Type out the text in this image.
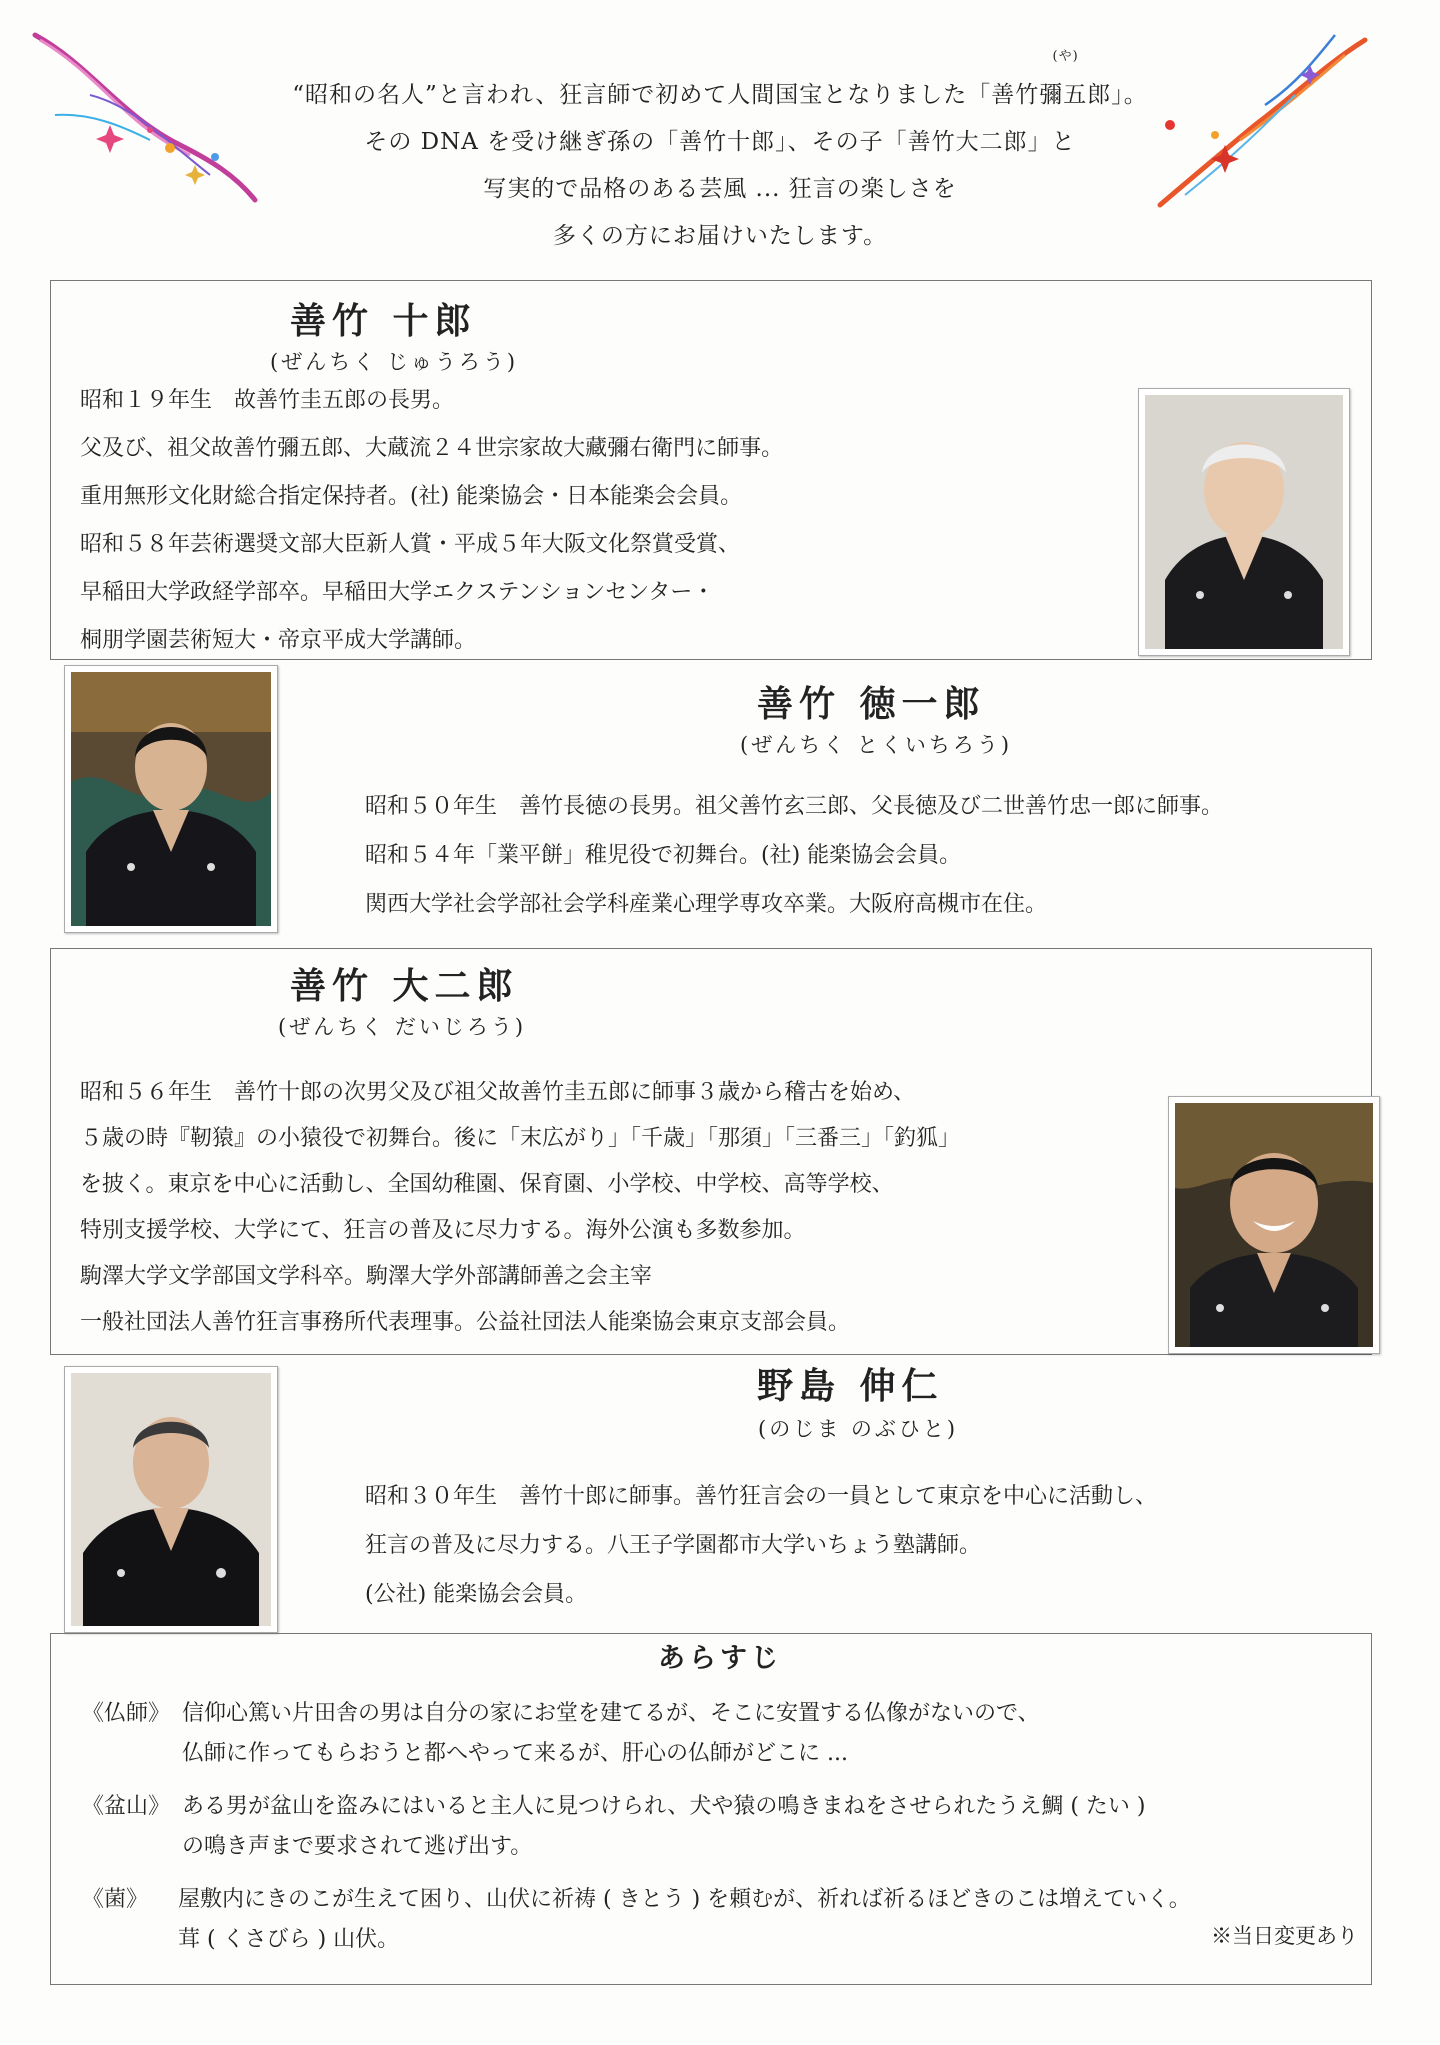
“昭和の名人”と言われ、狂言師で初めて人間国宝となりました「善竹彌五郎
(や)
」。
その DNA を受け継ぎ孫の「善竹十郎」、その子「善竹大二郎」と
写実的で品格のある芸風 ... 狂言の楽しさを
多くの方にお届けいたします。
善竹 十郎
(ぜんちく じゅうろう)
昭和１９年生　故善竹圭五郎の長男。
父及び、祖父故善竹彌五郎、大蔵流２４世宗家故大藏彌右衛門に師事。
重用無形文化財総合指定保持者。(社) 能楽協会・日本能楽会会員。
昭和５８年芸術選奨文部大臣新人賞・平成５年大阪文化祭賞受賞、
早稲田大学政経学部卒。早稲田大学エクステンションセンター・
桐朋学園芸術短大・帝京平成大学講師。
善竹 徳一郎
(ぜんちく とくいちろう)
昭和５０年生　善竹長徳の長男。祖父善竹玄三郎、父長徳及び二世善竹忠一郎に師事。
昭和５４年「業平餅」稚児役で初舞台。(社) 能楽協会会員。
関西大学社会学部社会学科産業心理学専攻卒業。大阪府高槻市在住。
善竹 大二郎
(ぜんちく だいじろう)
昭和５６年生　善竹十郎の次男父及び祖父故善竹圭五郎に師事３歳から稽古を始め、
５歳の時『靭猿』の小猿役で初舞台。後に「末広がり」「千歳」「那須」「三番三」「釣狐」
を披く。東京を中心に活動し、全国幼稚園、保育園、小学校、中学校、高等学校、
特別支援学校、大学にて、狂言の普及に尽力する。海外公演も多数参加。
駒澤大学文学部国文学科卒。駒澤大学外部講師善之会主宰
一般社団法人善竹狂言事務所代表理事。公益社団法人能楽協会東京支部会員。
野島 伸仁
(のじま のぶひと)
昭和３０年生　善竹十郎に師事。善竹狂言会の一員として東京を中心に活動し、
狂言の普及に尽力する。八王子学園都市大学いちょう塾講師。
(公社) 能楽協会会員。
あらすじ
《仏師》 信仰心篤い片田舎の男は自分の家にお堂を建てるが、そこに安置する仏像がないので、
仏師に作ってもらおうと都へやって来るが、肝心の仏師がどこに ...
《盆山》 ある男が盆山を盗みにはいると主人に見つけられ、犬や猿の鳴きまねをさせられたうえ鯛 ( たい )
の鳴き声まで要求されて逃げ出す。
《菌》 屋敷内にきのこが生えて困り、山伏に祈祷 ( きとう ) を頼むが、祈れば祈るほどきのこは増えていく。
茸 ( くさびら ) 山伏。	※当日変更あり
